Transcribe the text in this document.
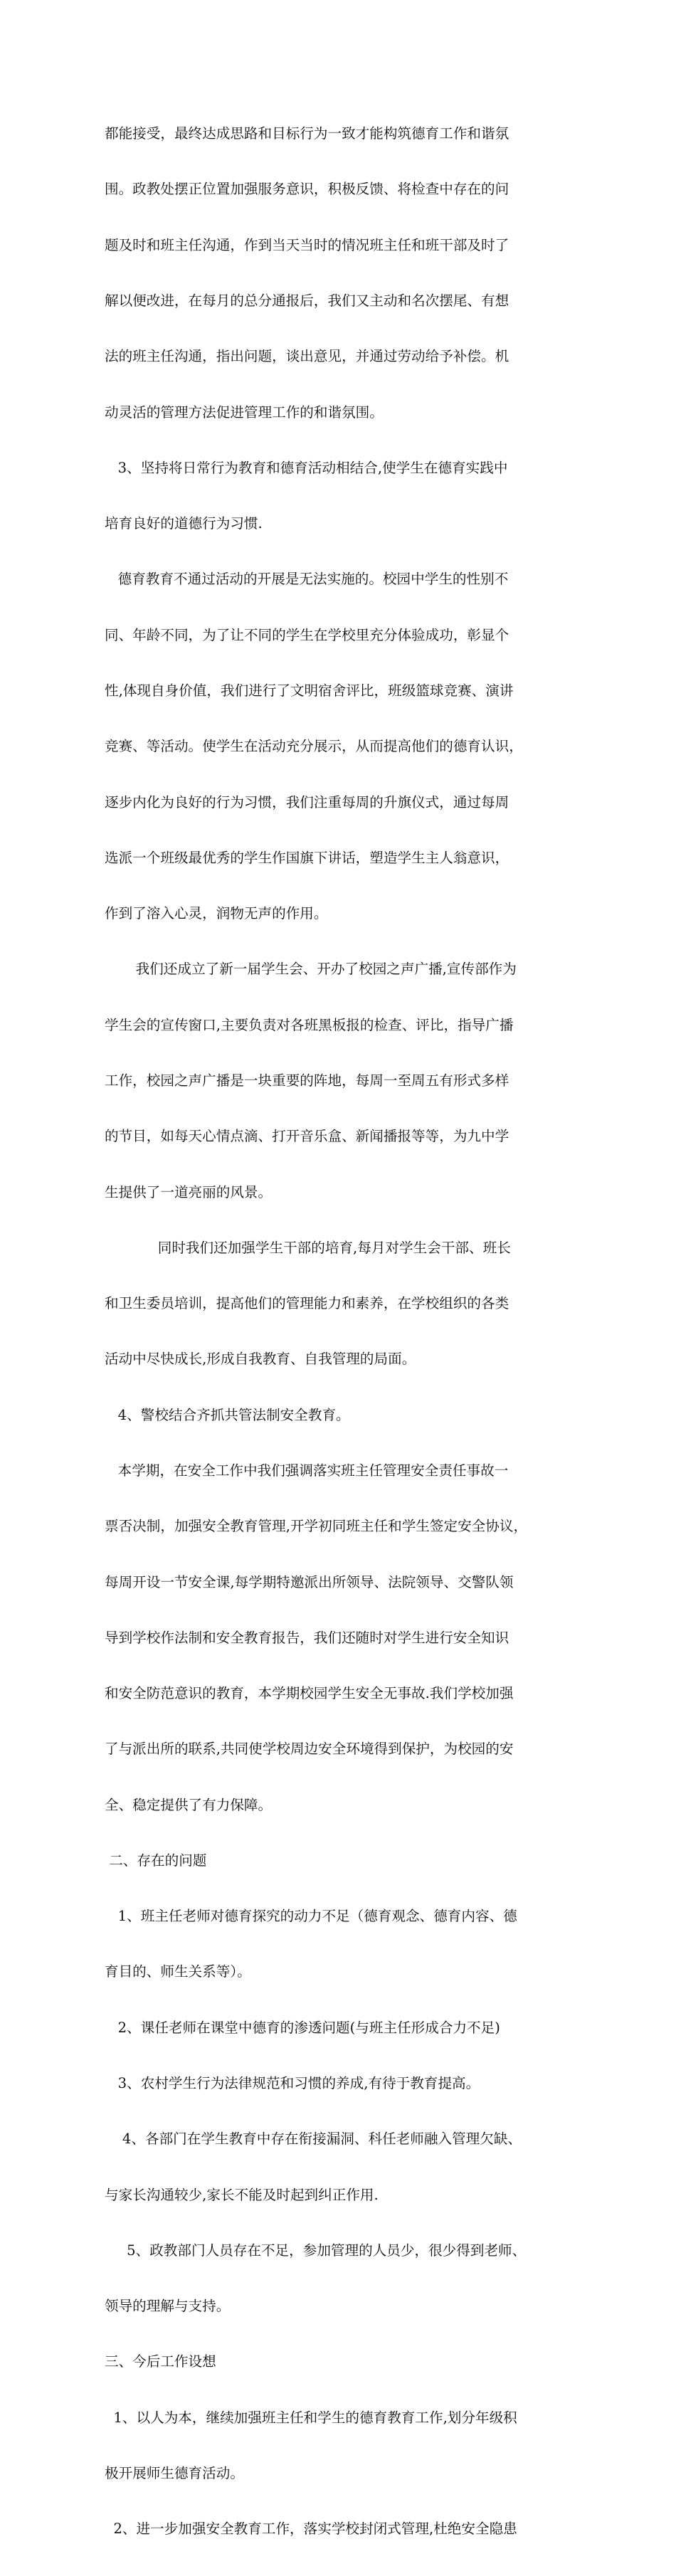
都能接受，最终达成思路和目标行为一致才能构筑德育工作和谐氛

围。政教处摆正位置加强服务意识，积极反馈、将检查中存在的问

题及时和班主任沟通，作到当天当时的情况班主任和班干部及时了

解以便改进，在每月的总分通报后，我们又主动和名次摆尾、有想

法的班主任沟通，指出问题，谈出意见，并通过劳动给予补偿。机

动灵活的管理方法促进管理工作的和谐氛围。

3、坚持将日常行为教育和德育活动相结合,使学生在德育实践中

培育良好的道德行为习惯.

德育教育不通过活动的开展是无法实施的。校园中学生的性别不

同、年龄不同，为了让不同的学生在学校里充分体验成功，彰显个

性,体现自身价值，我们进行了文明宿舍评比，班级篮球竞赛、演讲

竞赛、等活动。使学生在活动充分展示，从而提高他们的德育认识，

逐步内化为良好的行为习惯，我们注重每周的升旗仪式，通过每周

选派一个班级最优秀的学生作国旗下讲话，塑造学生主人翁意识，

作到了溶入心灵，润物无声的作用。

我们还成立了新一届学生会、开办了校园之声广播,宣传部作为

学生会的宣传窗口,主要负责对各班黑板报的检查、评比，指导广播

工作，校园之声广播是一块重要的阵地，每周一至周五有形式多样

的节目，如每天心情点滴、打开音乐盒、新闻播报等等，为九中学

生提供了一道亮丽的风景。

同时我们还加强学生干部的培育,每月对学生会干部、班长

和卫生委员培训，提高他们的管理能力和素养，在学校组织的各类

活动中尽快成长,形成自我教育、自我管理的局面。

4、警校结合齐抓共管法制安全教育。

本学期，在安全工作中我们强调落实班主任管理安全责任事故一

票否决制，加强安全教育管理,开学初同班主任和学生签定安全协议，

每周开设一节安全课,每学期特邀派出所领导、法院领导、交警队领

导到学校作法制和安全教育报告，我们还随时对学生进行安全知识

和安全防范意识的教育，本学期校园学生安全无事故.我们学校加强

了与派出所的联系,共同使学校周边安全环境得到保护，为校园的安

全、稳定提供了有力保障。

二、存在的问题

1、班主任老师对德育探究的动力不足（德育观念、德育内容、德

育目的、师生关系等）。

2、课任老师在课堂中德育的渗透问题(与班主任形成合力不足)

3、农村学生行为法律规范和习惯的养成,有待于教育提高。

4、各部门在学生教育中存在衔接漏洞、科任老师融入管理欠缺、

与家长沟通较少,家长不能及时起到纠正作用.

5、政教部门人员存在不足，参加管理的人员少，很少得到老师、

领导的理解与支持。

三、今后工作设想

1、以人为本，继续加强班主任和学生的德育教育工作,划分年级积

极开展师生德育活动。

2、进一步加强安全教育工作，落实学校封闭式管理,杜绝安全隐患
